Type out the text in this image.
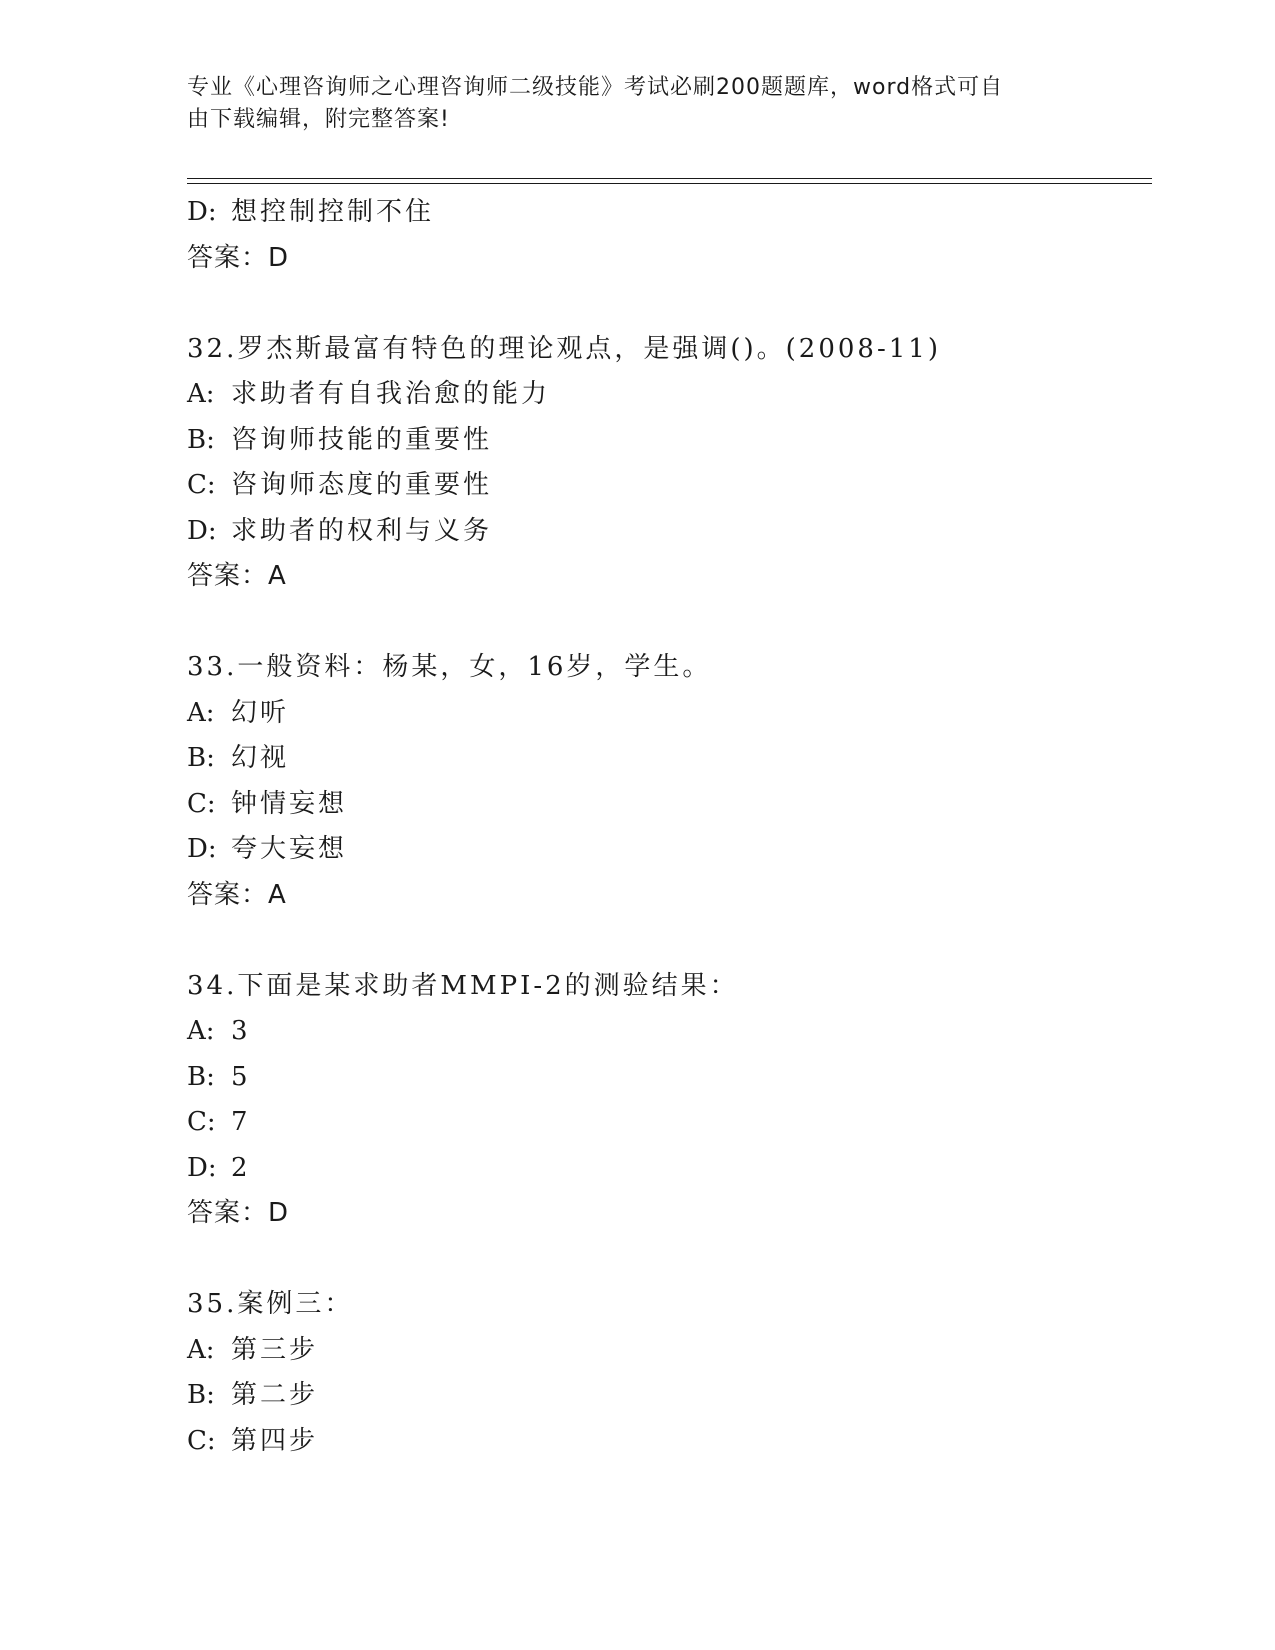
专业《心理咨询师之心理咨询师二级技能》考试必刷200题题库，word格式可自
由下载编辑，附完整答案!
D: 想控制控制不住
答案：D
32.罗杰斯最富有特色的理论观点，是强调()。(2008-11)
A: 求助者有自我治愈的能力
B: 咨询师技能的重要性
C: 咨询师态度的重要性
D: 求助者的权利与义务
答案：A
33.一般资料：杨某，女，16岁，学生。
A: 幻听
B: 幻视
C: 钟情妄想
D: 夸大妄想
答案：A
34.下面是某求助者MMPI-2的测验结果：
A: 3
B: 5
C: 7
D: 2
答案：D
35.案例三：
A: 第三步
B: 第二步
C: 第四步
